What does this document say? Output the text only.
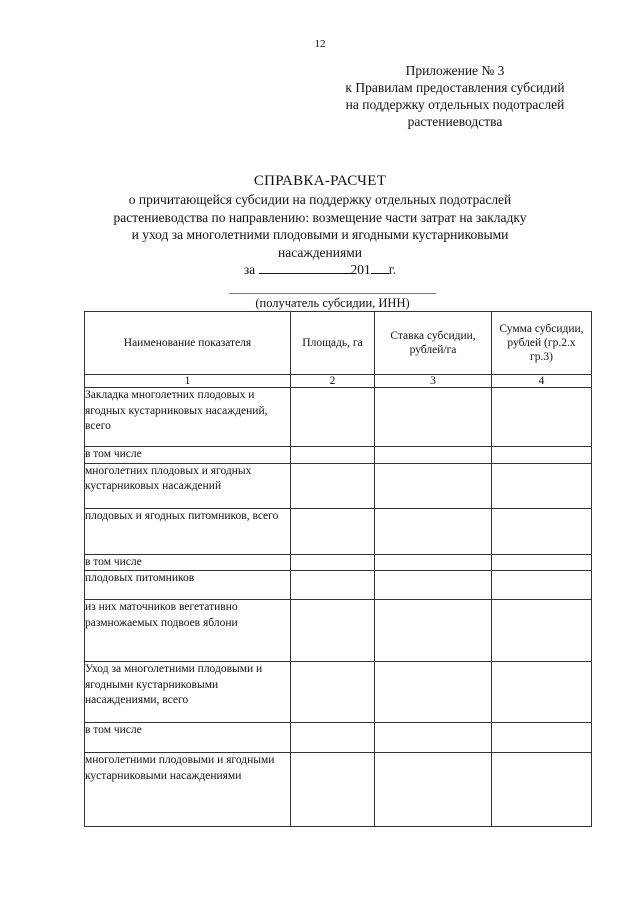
12
Приложение № 3
к Правилам предоставления субсидий
на поддержку отдельных подотраслей
растениеводства
СПРАВКА-РАСЧЕТ
о причитающейся субсидии на поддержку отдельных подотраслей
растениеводства по направлению: возмещение части затрат на закладку
и уход за многолетними плодовыми и ягодными кустарниковыми
насаждениями
за	201 г.
(получатель субсидии, ИНН)
Наименование показателя	Площадь, га	Ставка субсидии, рублей/га	Сумма субсидии, рублей (гр.2.х гр.3)
1	2	3	4
Закладка многолетних плодовых и ягодных кустарниковых насаждений, всего			
в том числе			
многолетних плодовых и ягодных кустарниковых насаждений			
плодовых и ягодных питомников, всего			
в том числе			
плодовых питомников			
из них маточников вегетативно размножаемых подвоев яблони			
Уход за многолетними плодовыми и ягодными кустарниковыми насаждениями, всего			
в том числе			
многолетними плодовыми и ягодными кустарниковыми насаждениями			
